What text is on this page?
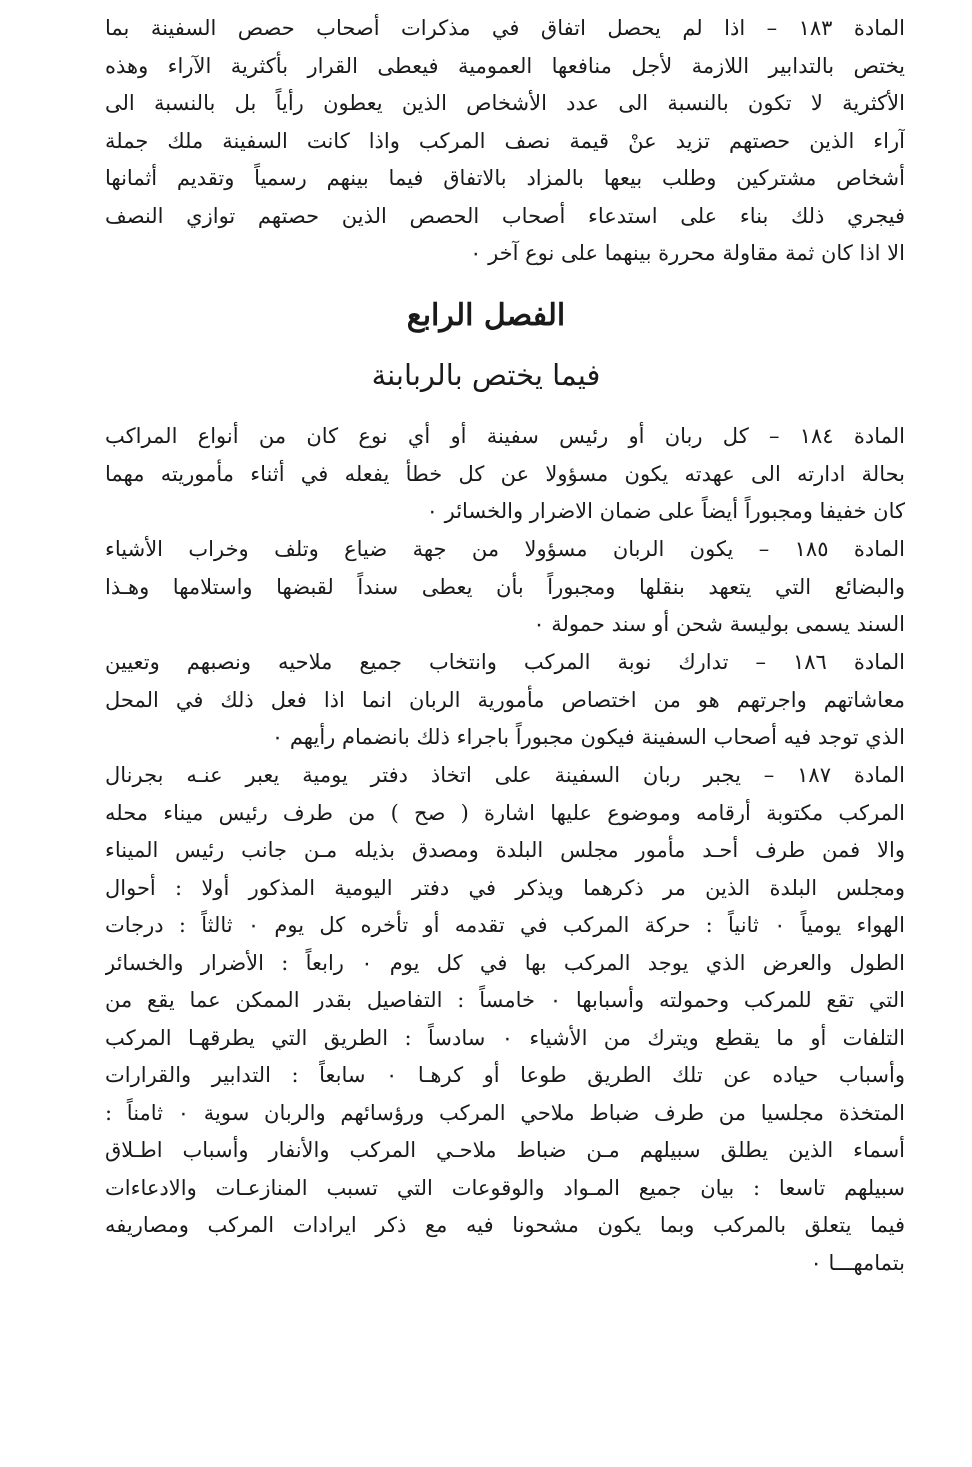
المادة ١٨٣ – اذا لم يحصل اتفاق في مذكرات أصحاب حصص السفينة بما
يختص بالتدابير اللازمة لأجل منافعها العمومية فيعطى القرار بأكثرية الآراء وهذه
الأكثرية لا تكون بالنسبة الى عدد الأشخاص الذين يعطون رأياً بل بالنسبة الى
آراء الذين حصتهم تزيد عنْ قيمة نصف المركب واذا كانت السفينة ملك جملة
أشخاص مشتركين وطلب بيعها بالمزاد بالاتفاق فيما بينهم رسمياً وتقديم أثمانها
فيجري ذلك بناء على استدعاء أصحاب الحصص الذين حصتهم توازي النصف
الا اذا كان ثمة مقاولة محررة بينهما على نوع آخر ٠
الفصل الرابع
فيما يختص بالربابنة
المادة ١٨٤ – كل ربان أو رئيس سفينة أو أي نوع كان من أنواع المراكب
بحالة ادارته الى عهدته يكون مسؤولا عن كل خطأ يفعله في أثناء مأموريته مهما
كان خفيفا ومجبوراً أيضاً على ضمان الاضرار والخسائر ٠
المادة ١٨٥ – يكون الربان مسؤولا من جهة ضياع وتلف وخراب الأشياء
والبضائع التي يتعهد بنقلها ومجبوراً بأن يعطى سنداً لقبضها واستلامها وهـذا
السند يسمى بوليسة شحن أو سند حمولة ٠
المادة ١٨٦ – تدارك نوبة المركب وانتخاب جميع ملاحيه ونصبهم وتعيين
معاشاتهم واجرتهم هو من اختصاص مأمورية الربان انما اذا فعل ذلك في المحل
الذي توجد فيه أصحاب السفينة فيكون مجبوراً باجراء ذلك بانضمام رأيهم ٠
المادة ١٨٧ – يجبر ربان السفينة على اتخاذ دفتر يومية يعبر عنـه بجرنال
المركب مكتوبة أرقامه وموضوع عليها اشارة ( صح ) من طرف رئيس ميناء محله
والا فمن طرف أحـد مأمور مجلس البلدة ومصدق بذيله مـن جانب رئيس الميناء
ومجلس البلدة الذين مر ذكرهما ويذكر في دفتر اليومية المذكور أولا : أحوال
الهواء يومياً ٠ ثانياً : حركة المركب في تقدمه أو تأخره كل يوم ٠ ثالثاً : درجات
الطول والعرض الذي يوجد المركب بها في كل يوم ٠ رابعاً : الأضرار والخسائر
التي تقع للمركب وحمولته وأسبابها ٠ خامساً : التفاصيل بقدر الممكن عما يقع من
التلفات أو ما يقطع ويترك من الأشياء ٠ سادساً : الطريق التي يطرقهـا المركب
وأسباب حياده عن تلك الطريق طوعا أو كرهـا ٠ سابعاً : التدابير والقرارات
المتخذة مجلسيا من طرف ضباط ملاحي المركب ورؤسائهم والربان سوية ٠ ثامناً :
أسماء الذين يطلق سبيلهم مـن ضباط ملاحـي المركب والأنفار وأسباب اطـلاق
سبيلهم تاسعا : بيان جميع المـواد والوقوعات التي تسبب المنازعـات والادعاءات
فيما يتعلق بالمركب وبما يكون مشحونا فيه مع ذكر ايرادات المركب ومصاريفه
بتمامهـــا ٠
